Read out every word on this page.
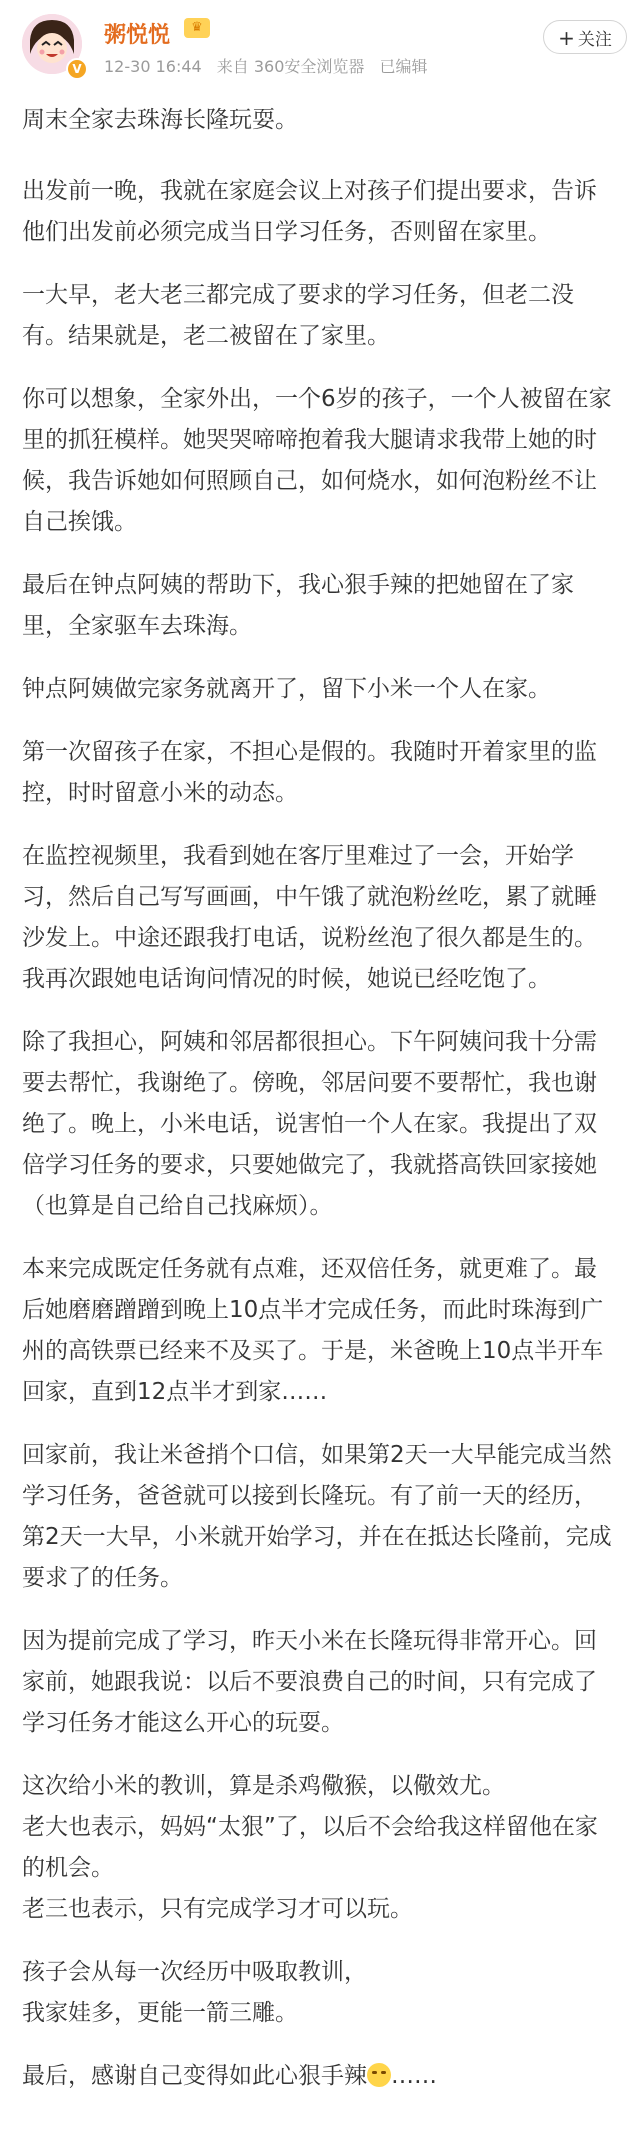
V
粥悦悦	♛
12-30 16:44 来自 360安全浏览器 已编辑
+ 关注
周末全家去珠海长隆玩耍。
出发前一晚，我就在家庭会议上对孩子们提出要求，告诉他们出发前必须完成当日学习任务，否则留在家里。
一大早，老大老三都完成了要求的学习任务，但老二没有。结果就是，老二被留在了家里。
你可以想象，全家外出，一个6岁的孩子，一个人被留在家里的抓狂模样。她哭哭啼啼抱着我大腿请求我带上她的时候，我告诉她如何照顾自己，如何烧水，如何泡粉丝不让自己挨饿。
最后在钟点阿姨的帮助下，我心狠手辣的把她留在了家里，全家驱车去珠海。
钟点阿姨做完家务就离开了，留下小米一个人在家。
第一次留孩子在家，不担心是假的。我随时开着家里的监控，时时留意小米的动态。
在监控视频里，我看到她在客厅里难过了一会，开始学习，然后自己写写画画，中午饿了就泡粉丝吃，累了就睡沙发上。中途还跟我打电话，说粉丝泡了很久都是生的。我再次跟她电话询问情况的时候，她说已经吃饱了。
除了我担心，阿姨和邻居都很担心。下午阿姨问我十分需要去帮忙，我谢绝了。傍晚，邻居问要不要帮忙，我也谢绝了。晚上，小米电话，说害怕一个人在家。我提出了双倍学习任务的要求，只要她做完了，我就搭高铁回家接她（也算是自己给自己找麻烦）。
本来完成既定任务就有点难，还双倍任务，就更难了。最后她磨磨蹭蹭到晚上10点半才完成任务，而此时珠海到广州的高铁票已经来不及买了。于是，米爸晚上10点半开车回家，直到12点半才到家……
回家前，我让米爸捎个口信，如果第2天一大早能完成当然学习任务，爸爸就可以接到长隆玩。有了前一天的经历，第2天一大早，小米就开始学习，并在在抵达长隆前，完成要求了的任务。
因为提前完成了学习，昨天小米在长隆玩得非常开心。回家前，她跟我说：以后不要浪费自己的时间，只有完成了学习任务才能这么开心的玩耍。
这次给小米的教训，算是杀鸡儆猴，以儆效尤。
老大也表示，妈妈“太狠”了，以后不会给我这样留他在家的机会。
老三也表示，只有完成学习才可以玩。
孩子会从每一次经历中吸取教训，
我家娃多，更能一箭三雕。
最后，感谢自己变得如此心狠手辣 ……
